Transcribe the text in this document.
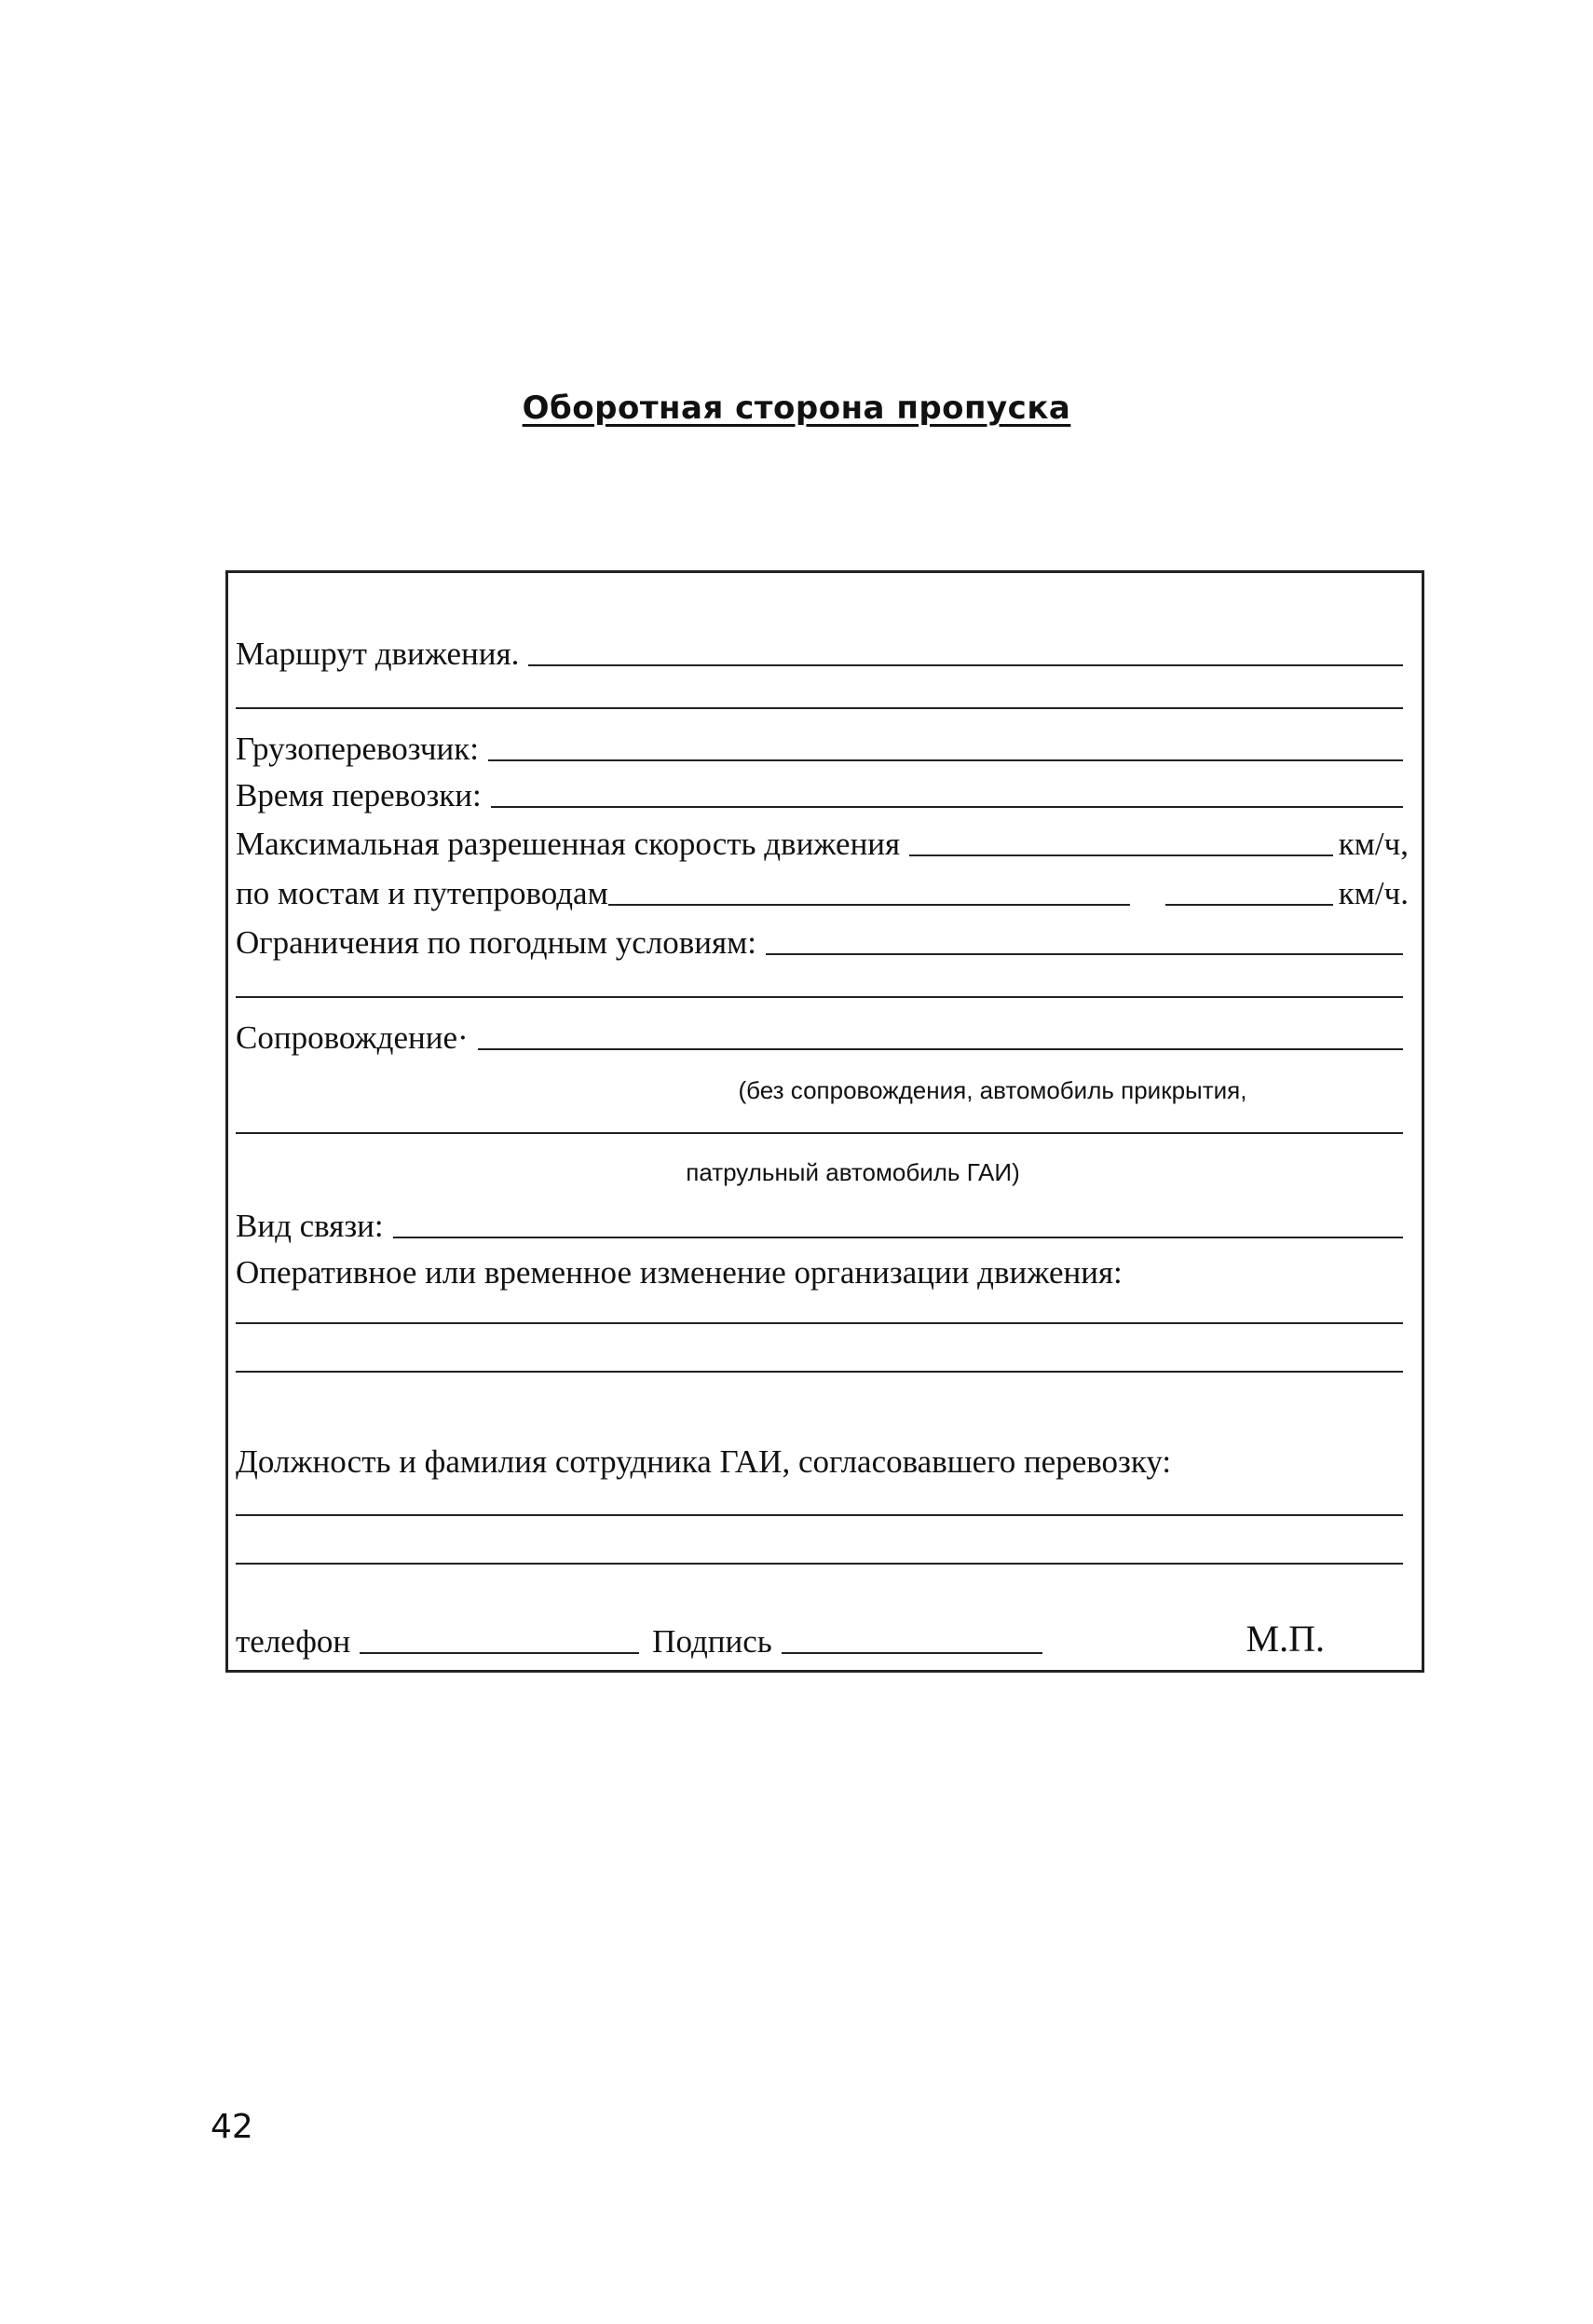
Оборотная сторона пропуска
Маршрут движения.
Грузоперевозчик:
Время перевозки:
Максимальная разрешенная скорость движения	км/ч,
по мостам и путепроводам	км/ч.
Ограничения по погодным условиям:
Сопровождение·
(без сопровождения, автомобиль прикрытия,
патрульный автомобиль ГАИ)
Вид связи:
Оперативное или временное изменение организации движения:
Должность и фамилия сотрудника ГАИ, согласовавшего перевозку:
телефон	Подпись	М.П.
42
